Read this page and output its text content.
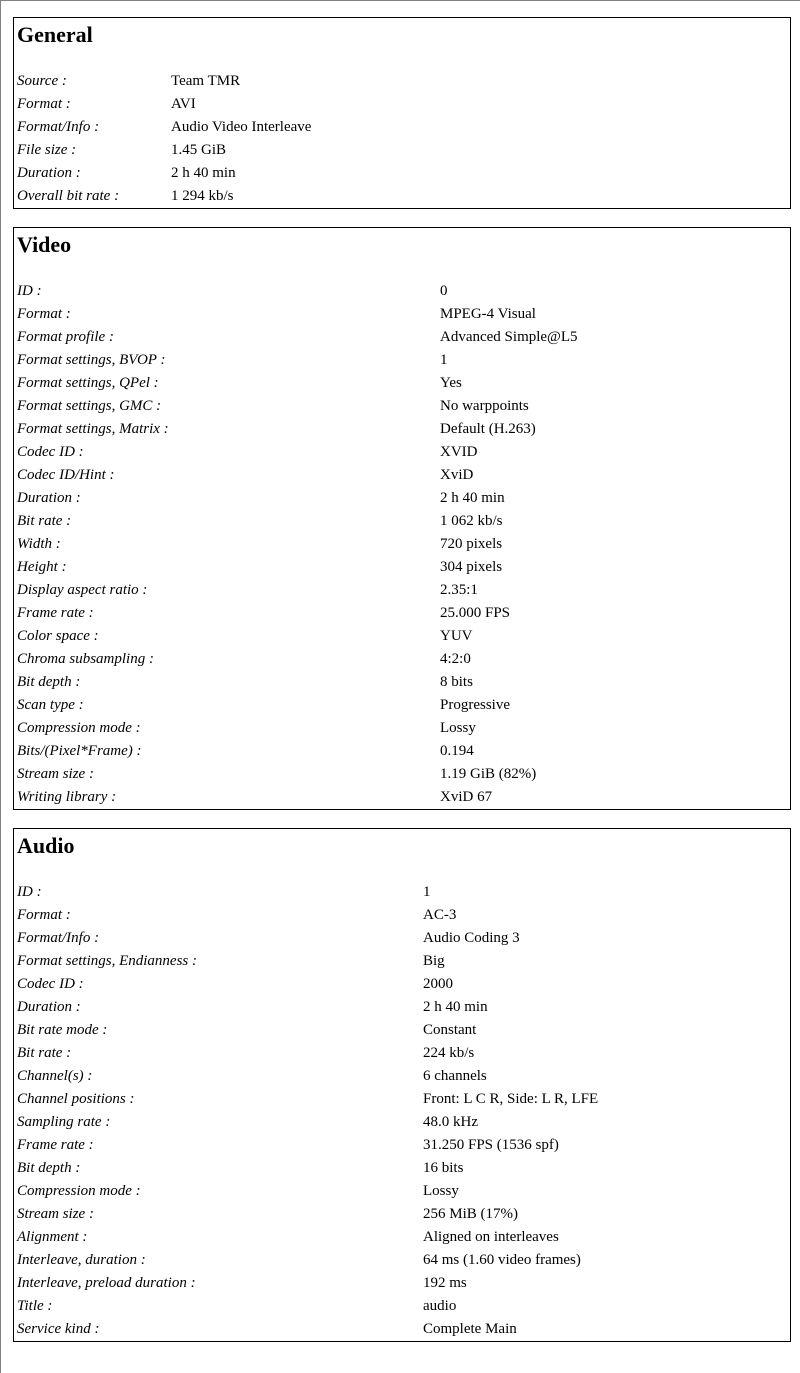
General
Source :	Team TMR
Format :	AVI
Format/Info :	Audio Video Interleave
File size :	1.45 GiB
Duration :	2 h 40 min
Overall bit rate :	1 294 kb/s
Video
ID :	0
Format :	MPEG-4 Visual
Format profile :	Advanced Simple@L5
Format settings, BVOP :	1
Format settings, QPel :	Yes
Format settings, GMC :	No warppoints
Format settings, Matrix :	Default (H.263)
Codec ID :	XVID
Codec ID/Hint :	XviD
Duration :	2 h 40 min
Bit rate :	1 062 kb/s
Width :	720 pixels
Height :	304 pixels
Display aspect ratio :	2.35:1
Frame rate :	25.000 FPS
Color space :	YUV
Chroma subsampling :	4:2:0
Bit depth :	8 bits
Scan type :	Progressive
Compression mode :	Lossy
Bits/(Pixel*Frame) :	0.194
Stream size :	1.19 GiB (82%)
Writing library :	XviD 67
Audio
ID :	1
Format :	AC-3
Format/Info :	Audio Coding 3
Format settings, Endianness :	Big
Codec ID :	2000
Duration :	2 h 40 min
Bit rate mode :	Constant
Bit rate :	224 kb/s
Channel(s) :	6 channels
Channel positions :	Front: L C R, Side: L R, LFE
Sampling rate :	48.0 kHz
Frame rate :	31.250 FPS (1536 spf)
Bit depth :	16 bits
Compression mode :	Lossy
Stream size :	256 MiB (17%)
Alignment :	Aligned on interleaves
Interleave, duration :	64 ms (1.60 video frames)
Interleave, preload duration :	192 ms
Title :	audio
Service kind :	Complete Main
